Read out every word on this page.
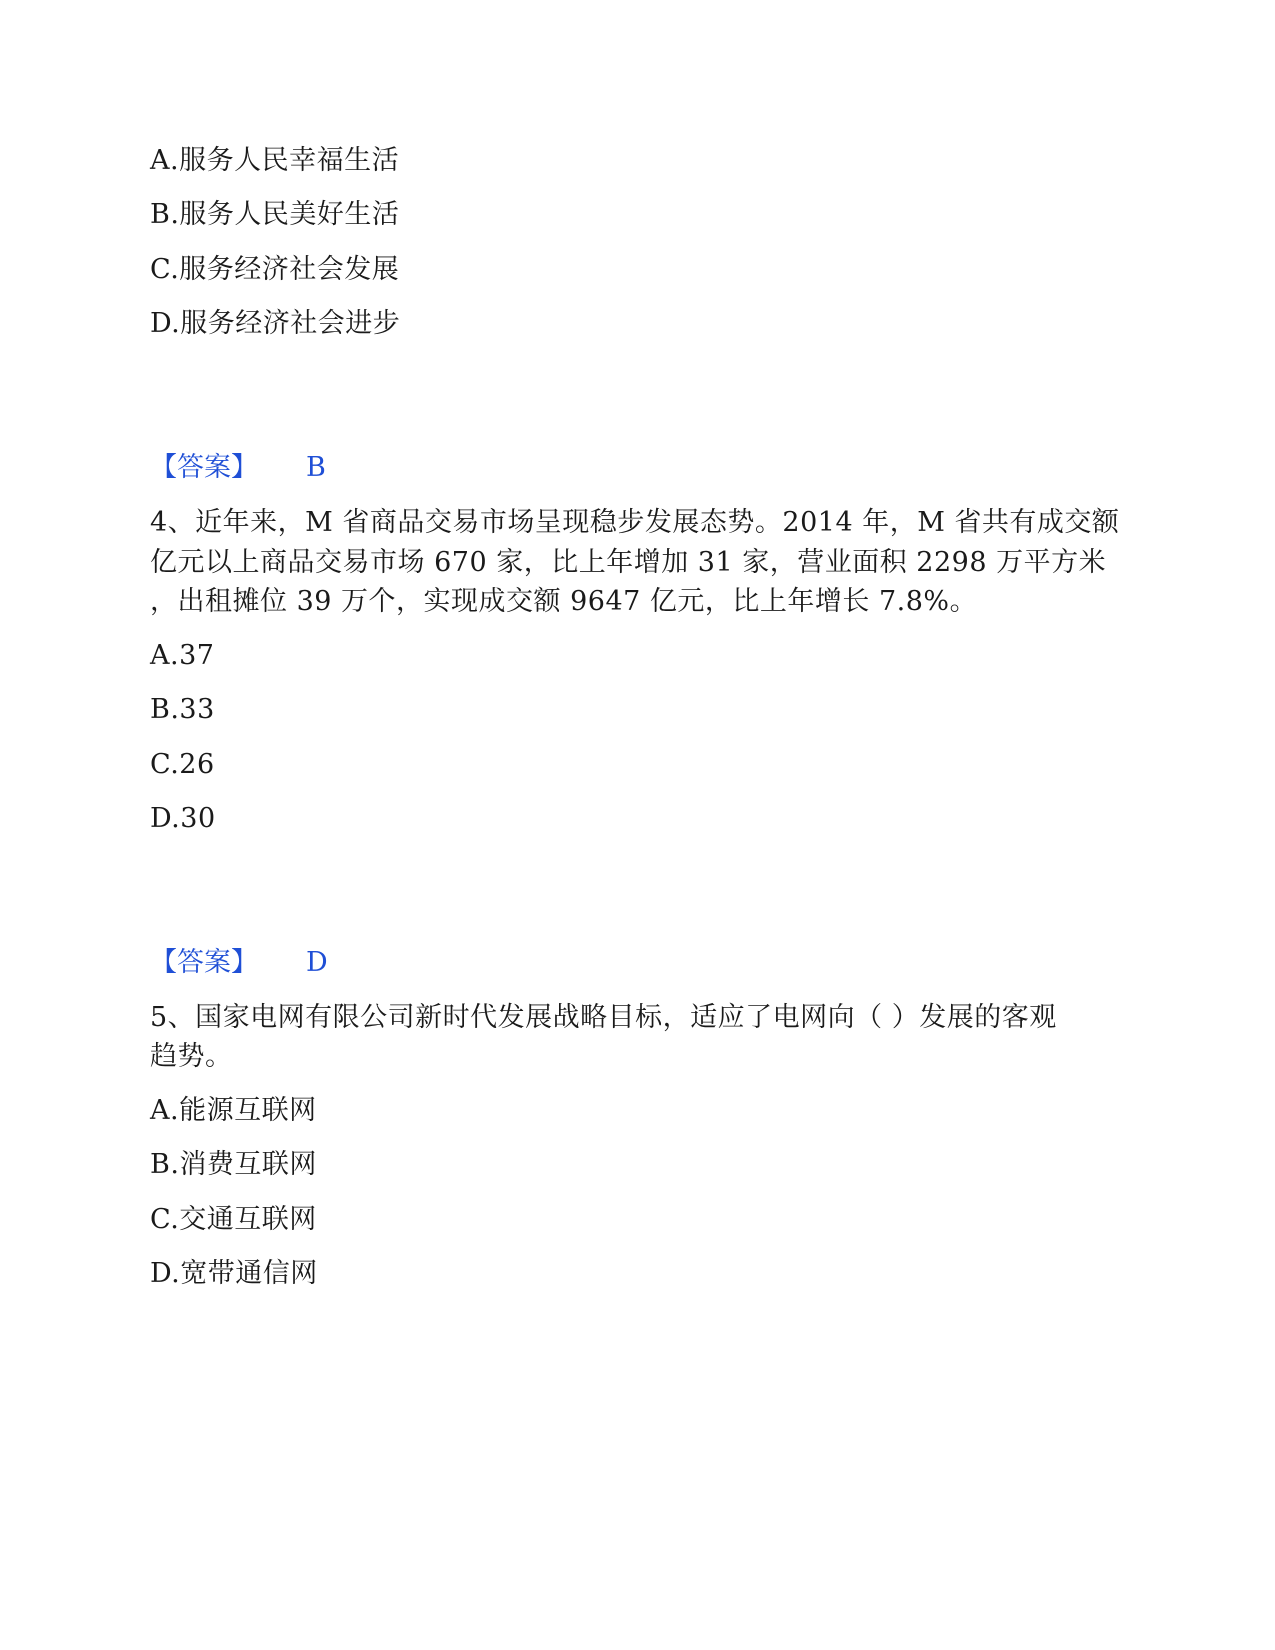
A.服务人民幸福生活
B.服务人民美好生活
C.服务经济社会发展
D.服务经济社会进步
【答案】 B
4、近年来，M 省商品交易市场呈现稳步发展态势。2014 年，M 省共有成交额
亿元以上商品交易市场 670 家，比上年增加 31 家，营业面积 2298 万平方米
，出租摊位 39 万个，实现成交额 9647 亿元，比上年增长 7.8%。
A.37
B.33
C.26
D.30
【答案】 D
5、国家电网有限公司新时代发展战略目标，适应了电网向（ ）发展的客观
趋势。
A.能源互联网
B.消费互联网
C.交通互联网
D.宽带通信网
